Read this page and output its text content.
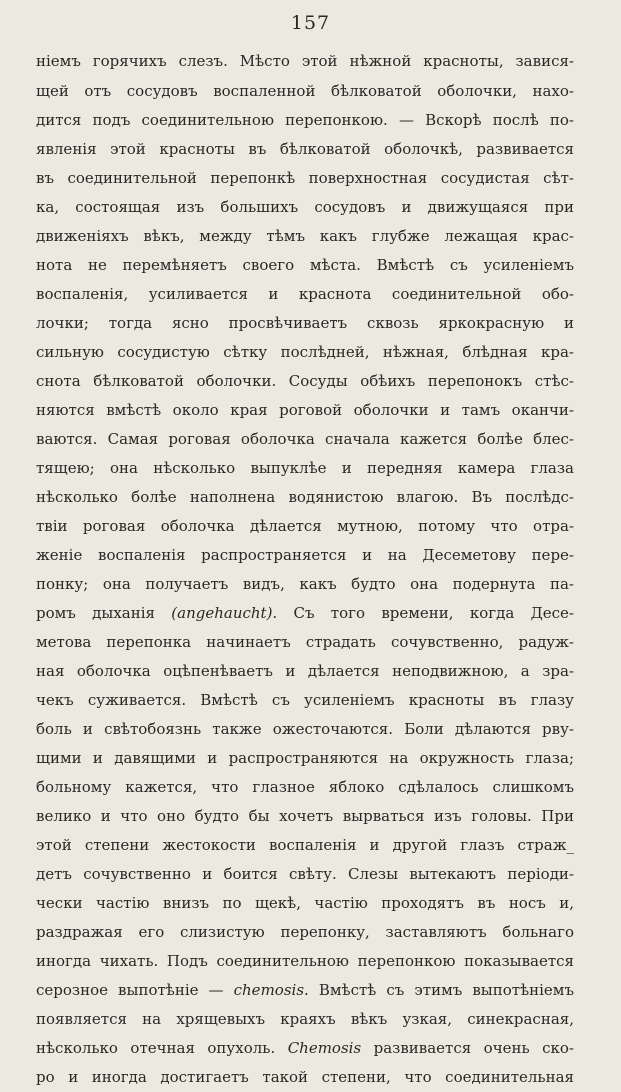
157
ніемъ горячихъ слезъ. Мѣсто этой нѣжной красноты, завися-
щей отъ сосудовъ воспаленной бѣлковатой оболочки, нахо-
дится подъ соединительною перепонкою. — Вскорѣ послѣ по-
явленія этой красноты въ бѣлковатой оболочкѣ, развивается
въ соединительной перепонкѣ поверхностная сосудистая сѣт-
ка, состоящая изъ большихъ сосудовъ и движущаяся при
движеніяхъ вѣкъ, между тѣмъ какъ глубже лежащая крас-
нота не перемѣняетъ своего мѣста. Вмѣстѣ съ усиленіемъ
воспаленія, усиливается и краснота соединительной обо-
лочки; тогда ясно просвѣчиваетъ сквозь яркокрасную и
сильную сосудистую сѣтку послѣдней, нѣжная, блѣдная кра-
снота бѣлковатой оболочки. Сосуды обѣихъ перепонокъ стѣс-
няются вмѣстѣ около края роговой оболочки и тамъ оканчи-
ваются. Самая роговая оболочка сначала кажется болѣе блес-
тящею; она нѣсколько выпуклѣе и передняя камера глаза
нѣсколько болѣе наполнена водянистою влагою. Въ послѣдс-
твіи роговая оболочка дѣлается мутною, потому что отра-
женіе воспаленія распространяется и на Десеметову пере-
понку; она получаетъ видъ, какъ будто она подернута па-
ромъ дыханія (angehaucht). Съ того времени, когда Десе-
метова перепонка начинаетъ страдать сочувственно, радуж-
ная оболочка оцѣпенѣваетъ и дѣлается неподвижною, а зра-
чекъ суживается. Вмѣстѣ съ усиленіемъ красноты въ глазу
боль и свѣтобоязнь также ожесточаются. Боли дѣлаются рву-
щими и давящими и распространяются на окружность глаза;
больному кажется, что глазное яблоко сдѣлалось слишкомъ
велико и что оно будто бы хочетъ вырваться изъ головы. При
этой степени жестокости воспаленія и другой глазъ страж_
детъ сочувственно и боится свѣту. Слезы вытекаютъ періоди-
чески частію внизъ по щекѣ, частію проходятъ въ носъ и,
раздражая его слизистую перепонку, заставляютъ больнаго
иногда чихать. Подъ соединительною перепонкою показывается
серозное выпотѣніе — chemosis. Вмѣстѣ съ этимъ выпотѣніемъ
появляется на хрящевыхъ краяхъ вѣкъ узкая, синекрасная,
нѣсколько отечная опухоль. Chemosis развивается очень ско-
ро и иногда достигаетъ такой степени, что соединительная
